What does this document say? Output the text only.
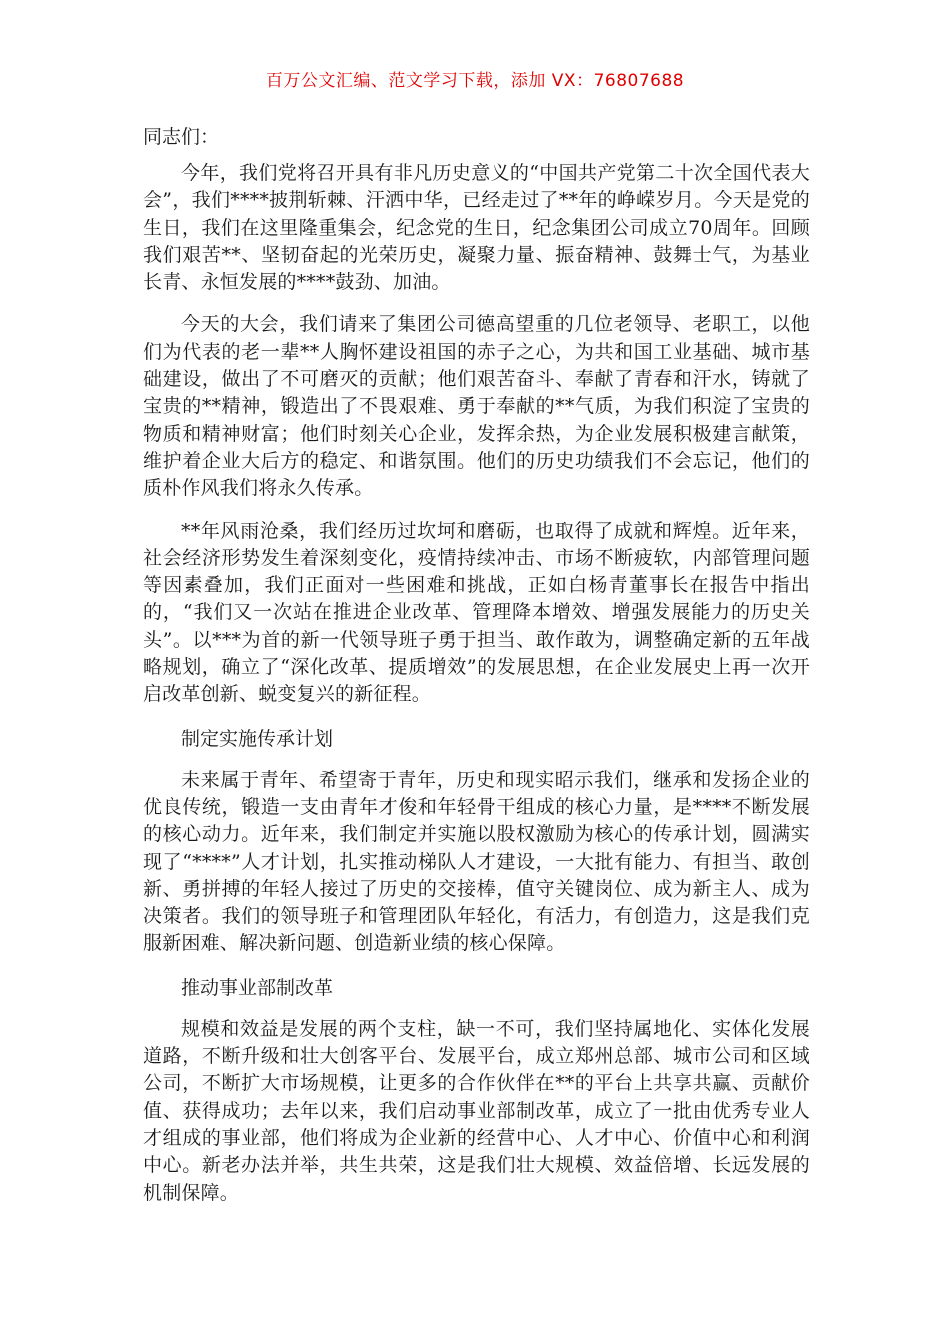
百万公文汇编、范文学习下载，添加 VX：76807688

同志们：

今年，我们党将召开具有非凡历史意义的“中国共产党第二十次全国代表大会”，我们****披荆斩棘、汗洒中华，已经走过了**年的峥嵘岁月。今天是党的生日，我们在这里隆重集会，纪念党的生日，纪念集团公司成立70周年。回顾我们艰苦**、坚韧奋起的光荣历史，凝聚力量、振奋精神、鼓舞士气，为基业长青、永恒发展的****鼓劲、加油。

今天的大会，我们请来了集团公司德高望重的几位老领导、老职工，以他们为代表的老一辈**人胸怀建设祖国的赤子之心，为共和国工业基础、城市基础建设，做出了不可磨灭的贡献；他们艰苦奋斗、奉献了青春和汗水，铸就了宝贵的**精神，锻造出了不畏艰难、勇于奉献的**气质，为我们积淀了宝贵的物质和精神财富；他们时刻关心企业，发挥余热，为企业发展积极建言献策，维护着企业大后方的稳定、和谐氛围。他们的历史功绩我们不会忘记，他们的质朴作风我们将永久传承。

**年风雨沧桑，我们经历过坎坷和磨砺，也取得了成就和辉煌。近年来，社会经济形势发生着深刻变化，疫情持续冲击、市场不断疲软，内部管理问题等因素叠加，我们正面对一些困难和挑战，正如白杨青董事长在报告中指出的，“我们又一次站在推进企业改革、管理降本增效、增强发展能力的历史关头”。以***为首的新一代领导班子勇于担当、敢作敢为，调整确定新的五年战略规划，确立了“深化改革、提质增效”的发展思想，在企业发展史上再一次开启改革创新、蜕变复兴的新征程。

制定实施传承计划

未来属于青年、希望寄于青年，历史和现实昭示我们，继承和发扬企业的优良传统，锻造一支由青年才俊和年轻骨干组成的核心力量，是****不断发展的核心动力。近年来，我们制定并实施以股权激励为核心的传承计划，圆满实现了“****”人才计划，扎实推动梯队人才建设，一大批有能力、有担当、敢创新、勇拼搏的年轻人接过了历史的交接棒，值守关键岗位、成为新主人、成为决策者。我们的领导班子和管理团队年轻化，有活力，有创造力，这是我们克服新困难、解决新问题、创造新业绩的核心保障。

推动事业部制改革

规模和效益是发展的两个支柱，缺一不可，我们坚持属地化、实体化发展道路，不断升级和壮大创客平台、发展平台，成立郑州总部、城市公司和区域公司，不断扩大市场规模，让更多的合作伙伴在**的平台上共享共赢、贡献价值、获得成功；去年以来，我们启动事业部制改革，成立了一批由优秀专业人才组成的事业部，他们将成为企业新的经营中心、人才中心、价值中心和利润中心。新老办法并举，共生共荣，这是我们壮大规模、效益倍增、长远发展的机制保障。
